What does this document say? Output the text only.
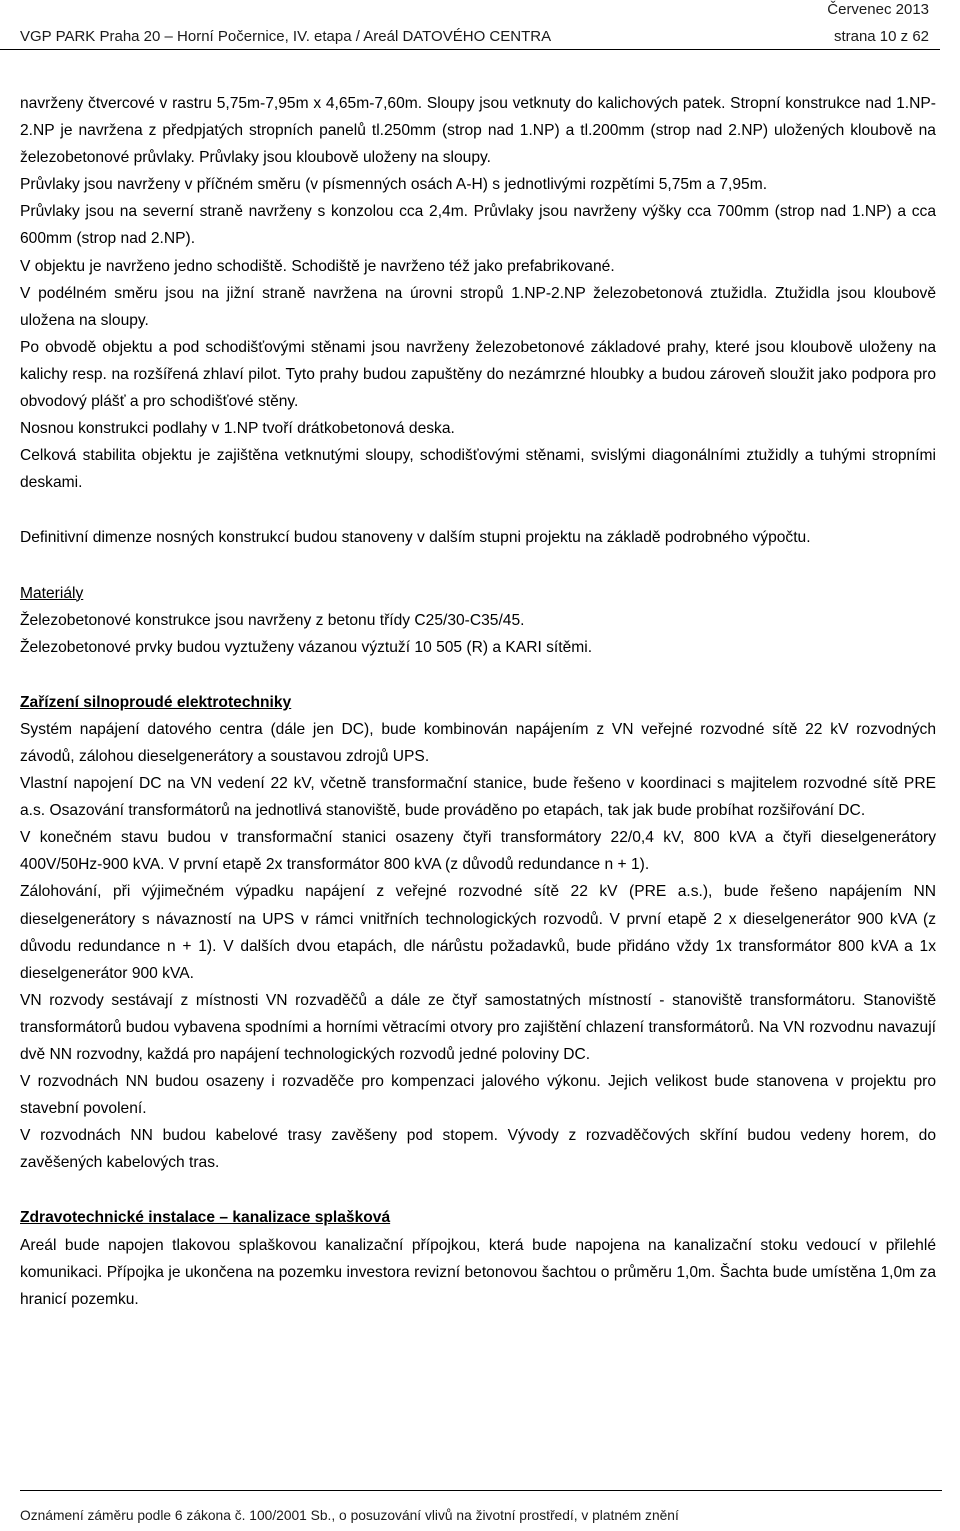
Červenec 2013
VGP PARK Praha 20 – Horní Počernice, IV. etapa / Areál DATOVÉHO CENTRA	strana 10 z 62

navrženy čtvercové v rastru 5,75m-7,95m x 4,65m-7,60m. Sloupy jsou vetknuty do kalichových patek. Stropní konstrukce nad 1.NP-2.NP je navržena z předpjatých stropních panelů tl.250mm (strop nad 1.NP) a tl.200mm (strop nad 2.NP) uložených kloubově na železobetonové průvlaky. Průvlaky jsou kloubově uloženy na sloupy.

Průvlaky jsou navrženy v příčném směru (v písmenných osách A-H) s jednotlivými rozpětími 5,75m a 7,95m.

Průvlaky jsou na severní straně navrženy s konzolou cca 2,4m. Průvlaky jsou navrženy výšky cca 700mm (strop nad 1.NP) a cca 600mm (strop nad 2.NP).

V objektu je navrženo jedno schodiště. Schodiště je navrženo též jako prefabrikované.

V podélném směru jsou na jižní straně navržena na úrovni stropů 1.NP-2.NP železobetonová ztužidla. Ztužidla jsou kloubově uložena na sloupy.

Po obvodě objektu a pod schodišťovými stěnami jsou navrženy železobetonové základové prahy, které jsou kloubově uloženy na kalichy resp. na rozšířená zhlaví pilot. Tyto prahy budou zapuštěny do nezámrzné hloubky a budou zároveň sloužit jako podpora pro obvodový plášť a pro schodišťové stěny.

Nosnou konstrukci podlahy v 1.NP tvoří drátkobetonová deska.

Celková stabilita objektu je zajištěna vetknutými sloupy, schodišťovými stěnami, svislými diagonálními ztužidly a tuhými stropními deskami.

Definitivní dimenze nosných konstrukcí budou stanoveny v dalším stupni projektu na základě podrobného výpočtu.

Materiály

Železobetonové konstrukce jsou navrženy z betonu třídy C25/30-C35/45.

Železobetonové prvky budou vyztuženy vázanou výztuží 10 505 (R) a KARI sítěmi.

Zařízení silnoproudé elektrotechniky

Systém napájení datového centra (dále jen DC), bude kombinován napájením z VN veřejné rozvodné sítě 22 kV rozvodných závodů, zálohou dieselgenerátory a soustavou zdrojů UPS.

Vlastní napojení DC na VN vedení 22 kV, včetně transformační stanice, bude řešeno v koordinaci s majitelem rozvodné sítě PRE a.s. Osazování transformátorů na jednotlivá stanoviště, bude prováděno po etapách, tak jak bude probíhat rozšiřování DC.

V konečném stavu budou v transformační stanici osazeny čtyři transformátory 22/0,4 kV, 800 kVA a čtyři dieselgenerátory 400V/50Hz-900 kVA. V první etapě 2x transformátor 800 kVA (z důvodů redundance n + 1).

Zálohování, při výjimečném výpadku napájení z veřejné rozvodné sítě 22 kV (PRE a.s.), bude řešeno napájením NN dieselgenerátory s návazností na UPS v rámci vnitřních technologických rozvodů. V první etapě 2 x dieselgenerátor 900 kVA (z důvodu redundance n + 1). V dalších dvou etapách, dle nárůstu požadavků, bude přidáno vždy 1x transformátor 800 kVA a 1x dieselgenerátor 900 kVA.

VN rozvody sestávají z místnosti VN rozvaděčů a dále ze čtyř samostatných místností - stanoviště transformátoru. Stanoviště transformátorů budou vybavena spodními a horními větracími otvory pro zajištění chlazení transformátorů. Na VN rozvodnu navazují dvě NN rozvodny, každá pro napájení technologických rozvodů jedné poloviny DC.

V rozvodnách NN budou osazeny i rozvaděče pro kompenzaci jalového výkonu. Jejich velikost bude stanovena v projektu pro stavební povolení.

V rozvodnách NN budou kabelové trasy zavěšeny pod stopem. Vývody z rozvaděčových skříní budou vedeny horem, do zavěšených kabelových tras.

Zdravotechnické instalace – kanalizace splašková

Areál bude napojen tlakovou splaškovou kanalizační přípojkou, která bude napojena na kanalizační stoku vedoucí v přilehlé komunikaci. Přípojka je ukončena na pozemku investora revizní betonovou šachtou o průměru 1,0m. Šachta bude umístěna 1,0m za hranicí pozemku.

Oznámení záměru podle 6 zákona č. 100/2001 Sb., o posuzování vlivů na životní prostředí, v platném znění
